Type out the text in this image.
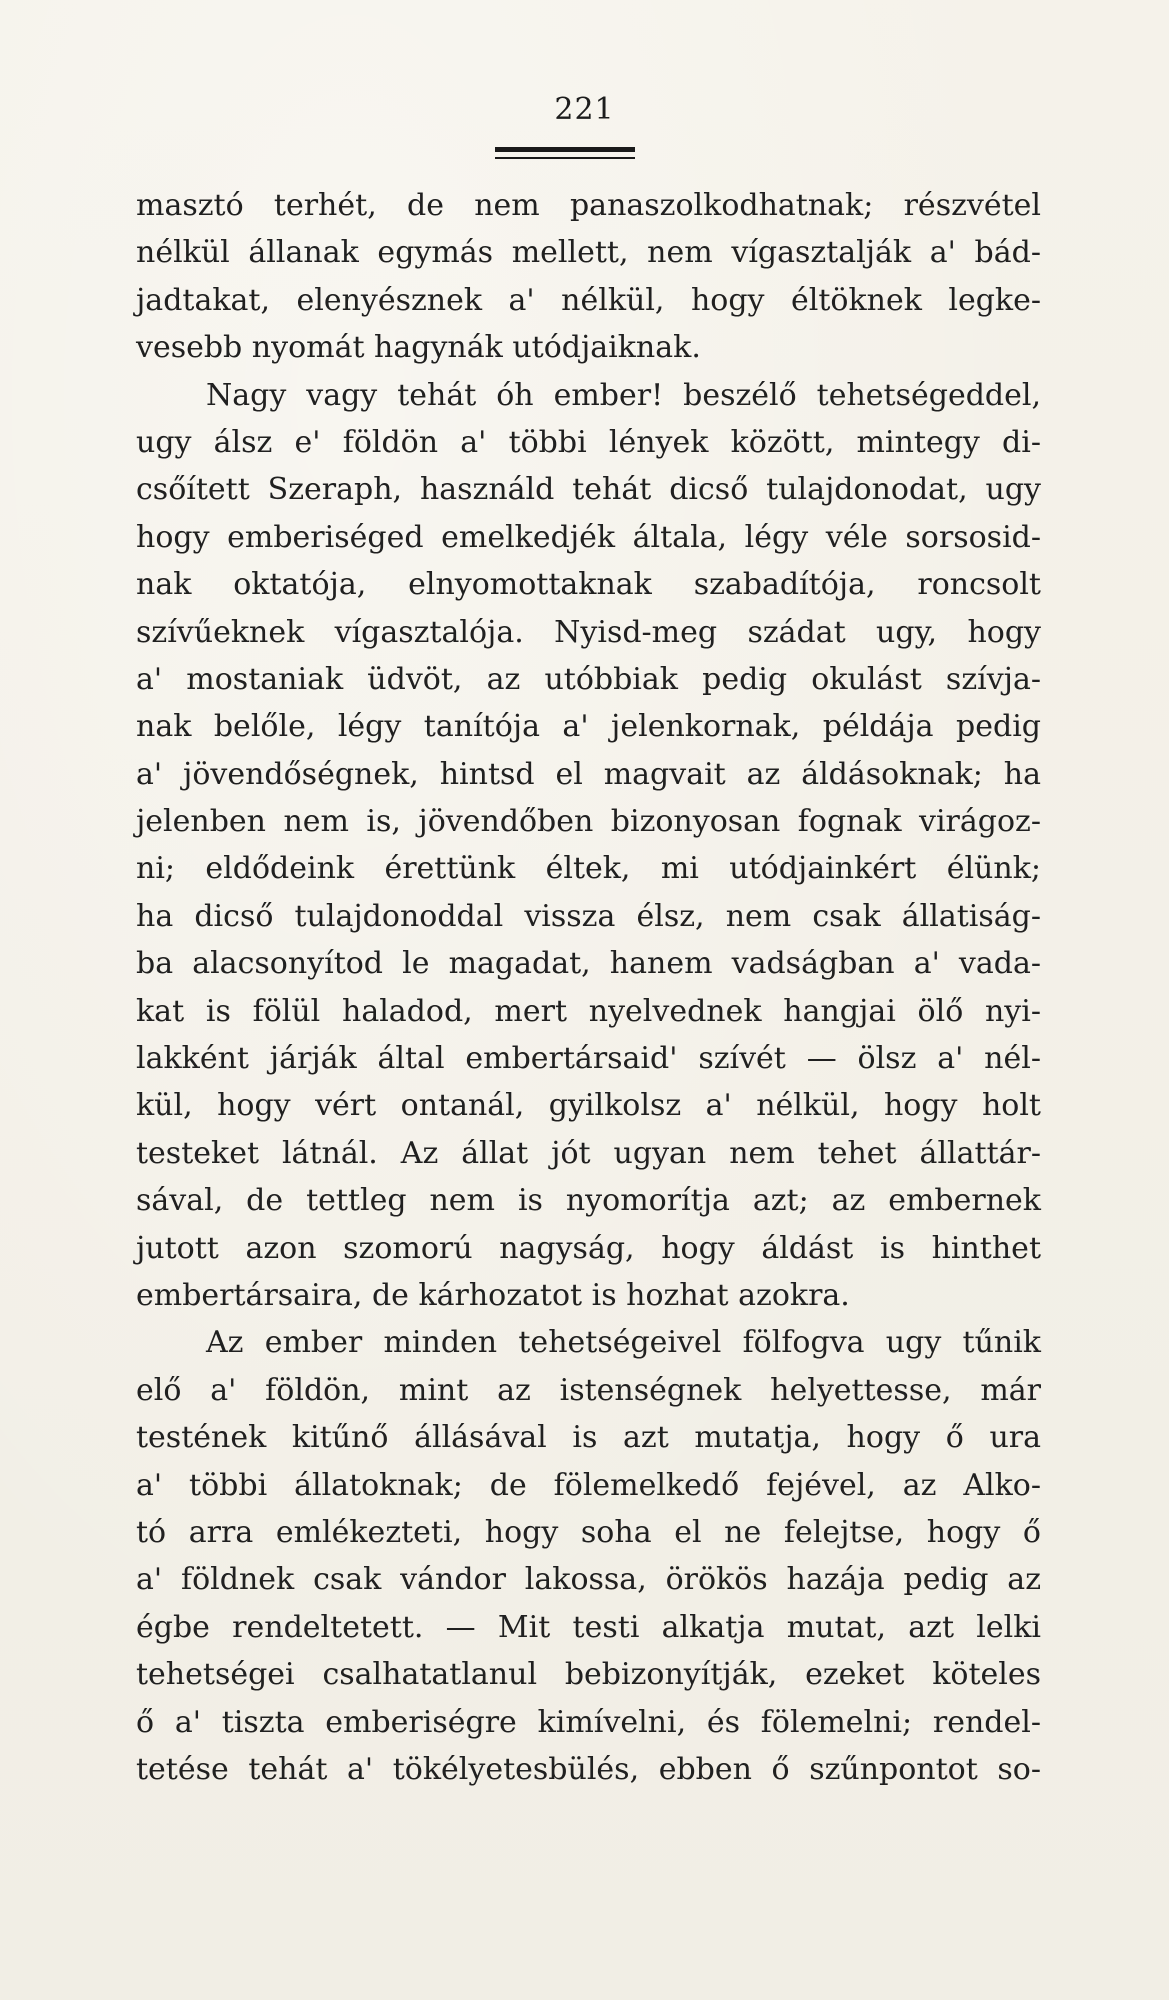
221
masztó terhét, de nem panaszolkodhatnak; részvétel
nélkül állanak egymás mellett, nem vígasztalják a' bád-
jadtakat, elenyésznek a' nélkül, hogy éltöknek legke-
vesebb nyomát hagynák utódjaiknak.
Nagy vagy tehát óh ember! beszélő tehetségeddel,
ugy álsz e' földön a' többi lények között, mintegy di-
csőített Szeraph, használd tehát dicső tulajdonodat, ugy
hogy emberiséged emelkedjék általa, légy véle sorsosid-
nak oktatója, elnyomottaknak szabadítója, roncsolt
szívűeknek vígasztalója. Nyisd-meg szádat ugy, hogy
a' mostaniak üdvöt, az utóbbiak pedig okulást szívja-
nak belőle, légy tanítója a' jelenkornak, példája pedig
a' jövendőségnek, hintsd el magvait az áldásoknak; ha
jelenben nem is, jövendőben bizonyosan fognak virágoz-
ni; eldődeink érettünk éltek, mi utódjainkért élünk;
ha dicső tulajdonoddal vissza élsz, nem csak állatiság-
ba alacsonyítod le magadat, hanem vadságban a' vada-
kat is fölül haladod, mert nyelvednek hangjai ölő nyi-
lakként járják által embertársaid' szívét — ölsz a' nél-
kül, hogy vért ontanál, gyilkolsz a' nélkül, hogy holt
testeket látnál. Az állat jót ugyan nem tehet állattár-
sával, de tettleg nem is nyomorítja azt; az embernek
jutott azon szomorú nagyság, hogy áldást is hinthet
embertársaira, de kárhozatot is hozhat azokra.
Az ember minden tehetségeivel fölfogva ugy tűnik
elő a' földön, mint az istenségnek helyettesse, már
testének kitűnő állásával is azt mutatja, hogy ő ura
a' többi állatoknak; de fölemelkedő fejével, az Alko-
tó arra emlékezteti, hogy soha el ne felejtse, hogy ő
a' földnek csak vándor lakossa, örökös hazája pedig az
égbe rendeltetett. — Mit testi alkatja mutat, azt lelki
tehetségei csalhatatlanul bebizonyítják, ezeket köteles
ő a' tiszta emberiségre kimívelni, és fölemelni; rendel-
tetése tehát a' tökélyetesbülés, ebben ő szűnpontot so-
